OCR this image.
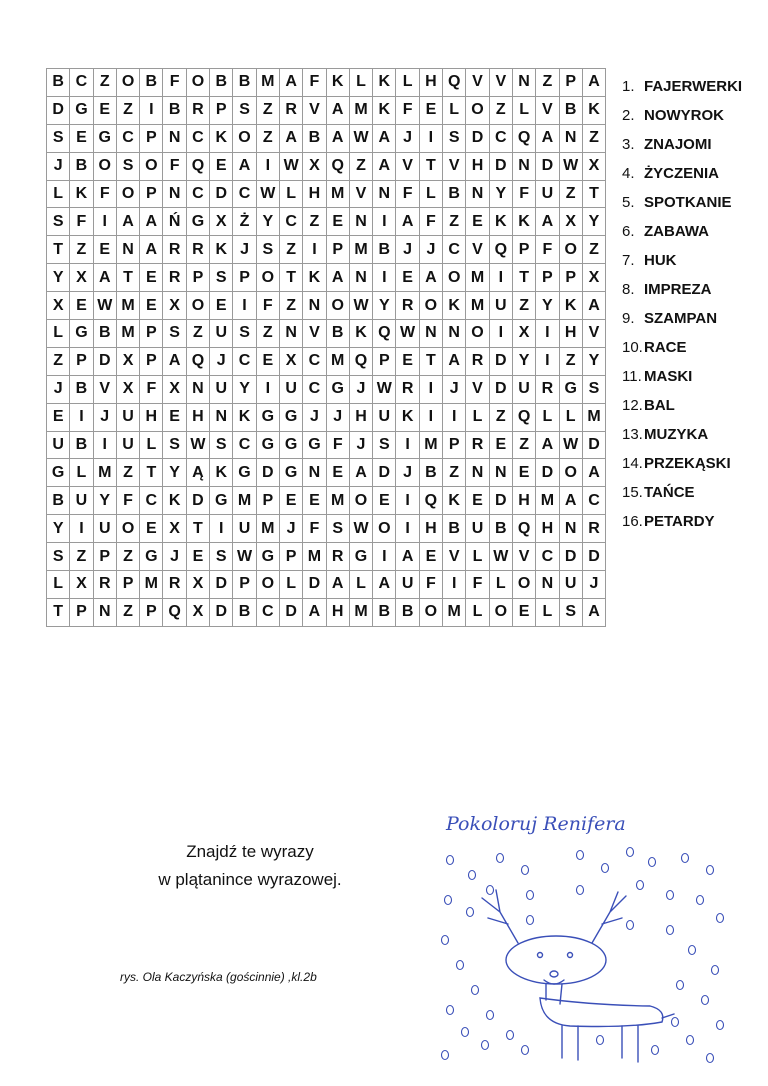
B	C	Z	O	B	F	O	B	B	M	A	F	K	L	K	L	H	Q	V	V	N	Z	P	A
D	G	E	Z	I	B	R	P	S	Z	R	V	A	M	K	F	E	L	O	Z	L	V	B	K
S	E	G	C	P	N	C	K	O	Z	A	B	A	W	A	J	I	S	D	C	Q	A	N	Z
J	B	O	S	O	F	Q	E	A	I	W	X	Q	Z	A	V	T	V	H	D	N	D	W	X
L	K	F	O	P	N	C	D	C	W	L	H	M	V	N	F	L	B	N	Y	F	U	Z	T
S	F	I	A	A	Ń	G	X	Ż	Y	C	Z	E	N	I	A	F	Z	E	K	K	A	X	Y
T	Z	E	N	A	R	R	K	J	S	Z	I	P	M	B	J	J	C	V	Q	P	F	O	Z
Y	X	A	T	E	R	P	S	P	O	T	K	A	N	I	E	A	O	M	I	T	P	P	X
X	E	W	M	E	X	O	E	I	F	Z	N	O	W	Y	R	O	K	M	U	Z	Y	K	A
L	G	B	M	P	S	Z	U	S	Z	N	V	B	K	Q	W	N	N	O	I	X	I	H	V
Z	P	D	X	P	A	Q	J	C	E	X	C	M	Q	P	E	T	A	R	D	Y	I	Z	Y
J	B	V	X	F	X	N	U	Y	I	U	C	G	J	W	R	I	J	V	D	U	R	G	S
E	I	J	U	H	E	H	N	K	G	G	J	J	H	U	K	I	I	L	Z	Q	L	L	M
U	B	I	U	L	S	W	S	C	G	G	G	F	J	S	I	M	P	R	E	Z	A	W	D
G	L	M	Z	T	Y	Ą	K	G	D	G	N	E	A	D	J	B	Z	N	N	E	D	O	A
B	U	Y	F	C	K	D	G	M	P	E	E	M	O	E	I	Q	K	E	D	H	M	A	C
Y	I	U	O	E	X	T	I	U	M	J	F	S	W	O	I	H	B	U	B	Q	H	N	R
S	Z	P	Z	G	J	E	S	W	G	P	M	R	G	I	A	E	V	L	W	V	C	D	D
L	X	R	P	M	R	X	D	P	O	L	D	A	L	A	U	F	I	F	L	O	N	U	J
T	P	N	Z	P	Q	X	D	B	C	D	A	H	M	B	B	O	M	L	O	E	L	S	A
1. FAJERWERKI
2. NOWYROK
3. ZNAJOMI
4. ŻYCZENIA
5. SPOTKANIE
6. ZABAWA
7. HUK
8. IMPREZA
9. SZAMPAN
10.RACE
11. MASKI
12.BAL
13.MUZYKA
14.PRZEKĄSKI
15.TAŃCE
16.PETARDY
Znajdź te wyrazy
w plątanince wyrazowej.
rys. Ola Kaczyńska (gościnnie) ,kl.2b
Pokoloruj Renifera
